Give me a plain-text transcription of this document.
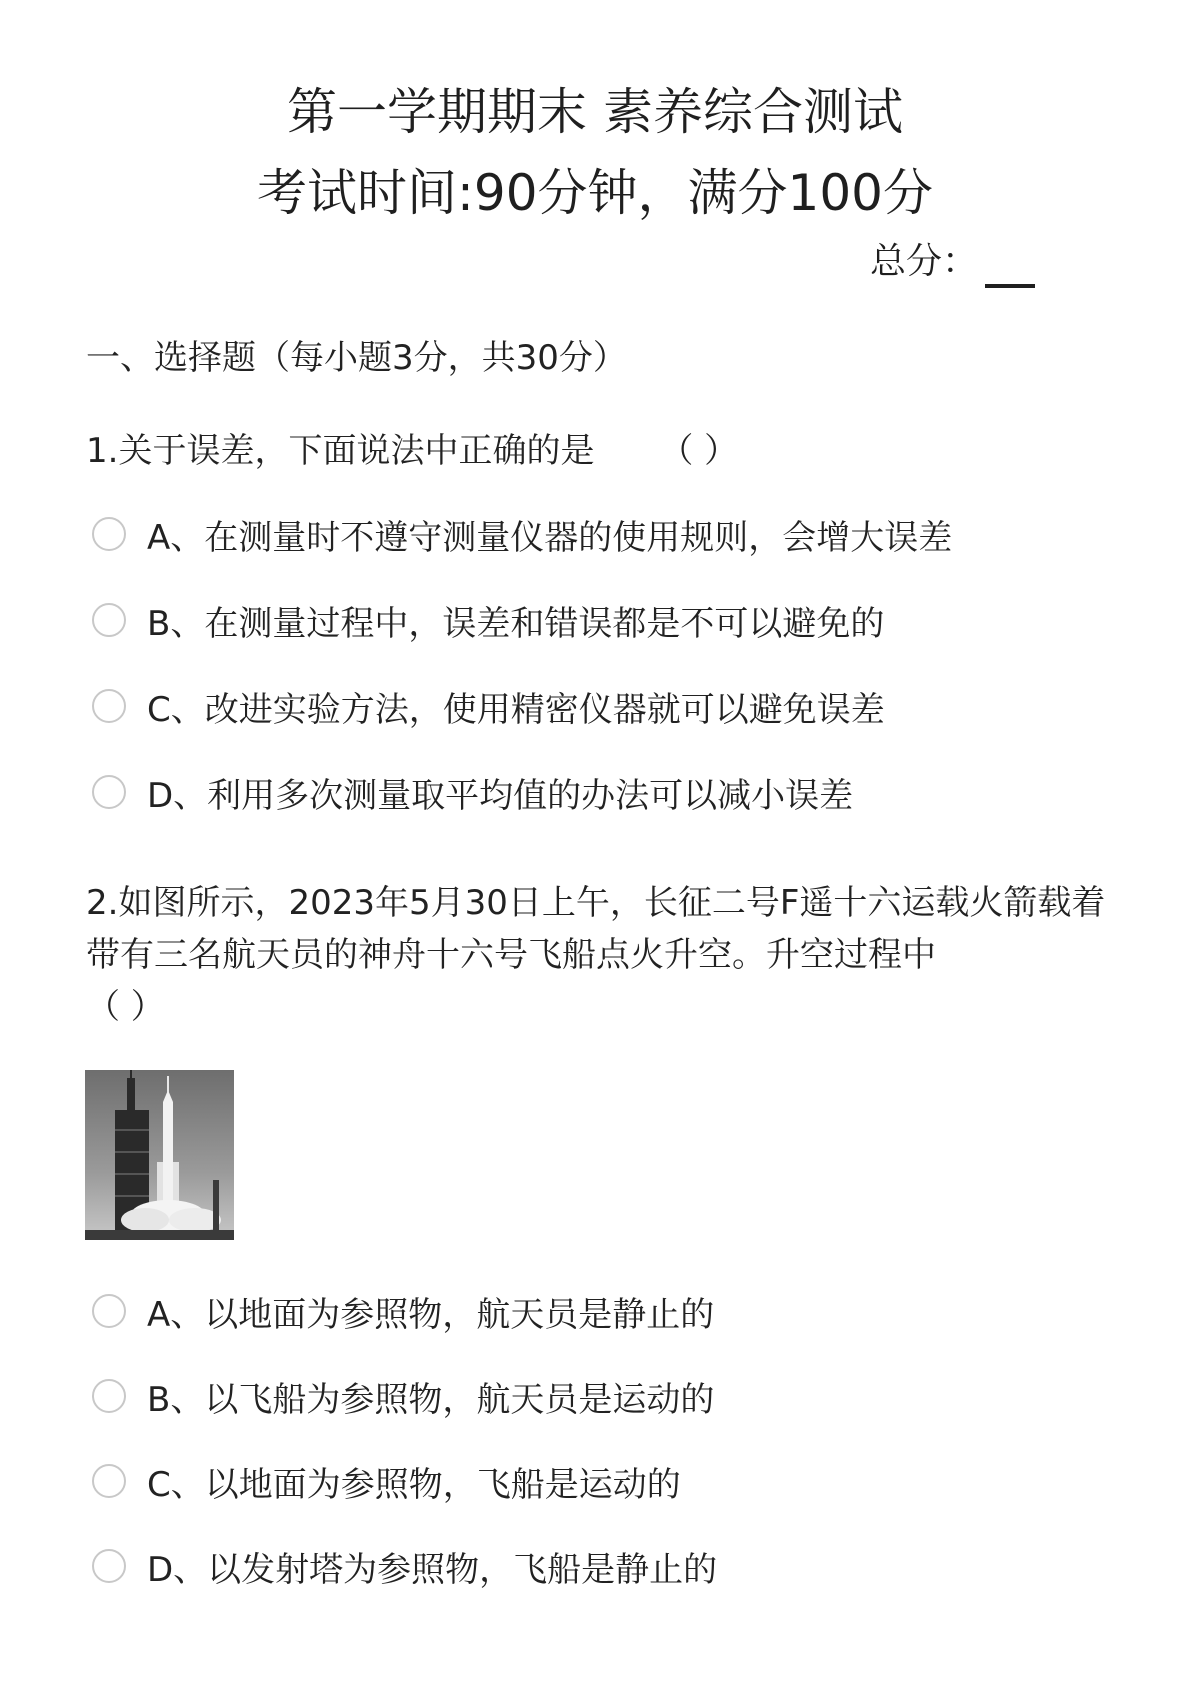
第一学期期末 素养综合测试
考试时间:90分钟，满分100分
总分：
一、选择题（每小题3分，共30分）
1.关于误差，下面说法中正确的是 （ ）
A、在测量时不遵守测量仪器的使用规则，会增大误差
B、在测量过程中，误差和错误都是不可以避免的
C、改进实验方法，使用精密仪器就可以避免误差
D、利用多次测量取平均值的办法可以减小误差
2.如图所示，2023年5月30日上午，长征二号F遥十六运载火箭载着带有三名航天员的神舟十六号飞船点火升空。升空过程中
（ ）
A、以地面为参照物，航天员是静止的
B、以飞船为参照物，航天员是运动的
C、以地面为参照物，飞船是运动的
D、以发射塔为参照物，飞船是静止的
